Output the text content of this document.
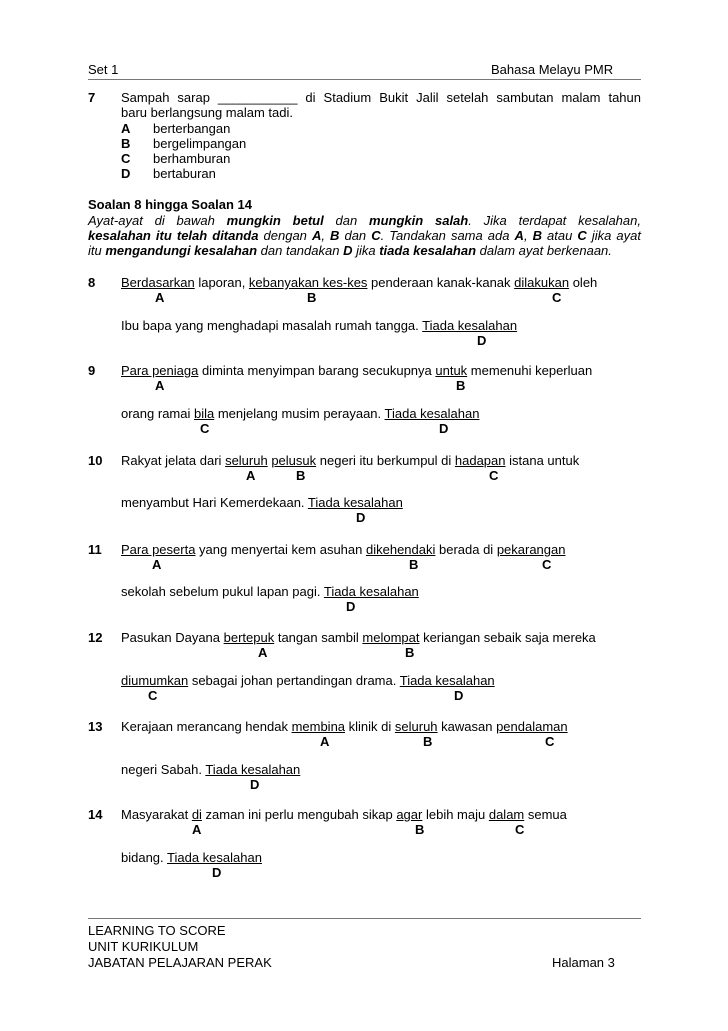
Set 1	Bahasa Melayu PMR
7 Sampah sarap ___________ di Stadium Bukit Jalil setelah sambutan malam tahun
baru berlangsung malam tadi.
A berterbangan
B bergelimpangan
C berhamburan
D bertaburan
Soalan 8 hingga Soalan 14
Ayat-ayat di bawah mungkin betul dan mungkin salah. Jika terdapat kesalahan,
kesalahan itu telah ditanda dengan A, B dan C. Tandakan sama ada A, B atau C jika ayat
itu mengandungi kesalahan dan tandakan D jika tiada kesalahan dalam ayat berkenaan.
8 Berdasarkan laporan, kebanyakan kes-kes penderaan kanak-kanak dilakukan oleh
A	B	C
Ibu bapa yang menghadapi masalah rumah tangga. Tiada kesalahan
D
9 Para peniaga diminta menyimpan barang secukupnya untuk memenuhi keperluan
A	B
orang ramai bila menjelang musim perayaan. Tiada kesalahan
C	D
10 Rakyat jelata dari seluruh pelusuk negeri itu berkumpul di hadapan istana untuk
A	B	C
menyambut Hari Kemerdekaan. Tiada kesalahan
D
11 Para peserta yang menyertai kem asuhan dikehendaki berada di pekarangan
A	B	C
sekolah sebelum pukul lapan pagi. Tiada kesalahan
D
12 Pasukan Dayana bertepuk tangan sambil melompat keriangan sebaik saja mereka
A	B
diumumkan sebagai johan pertandingan drama. Tiada kesalahan
C	D
13 Kerajaan merancang hendak membina klinik di seluruh kawasan pendalaman
A	B	C
negeri Sabah. Tiada kesalahan
D
14 Masyarakat di zaman ini perlu mengubah sikap agar lebih maju dalam semua
A	B	C
bidang. Tiada kesalahan
D
LEARNING TO SCORE
UNIT KURIKULUM
JABATAN PELAJARAN PERAK	Halaman 3
